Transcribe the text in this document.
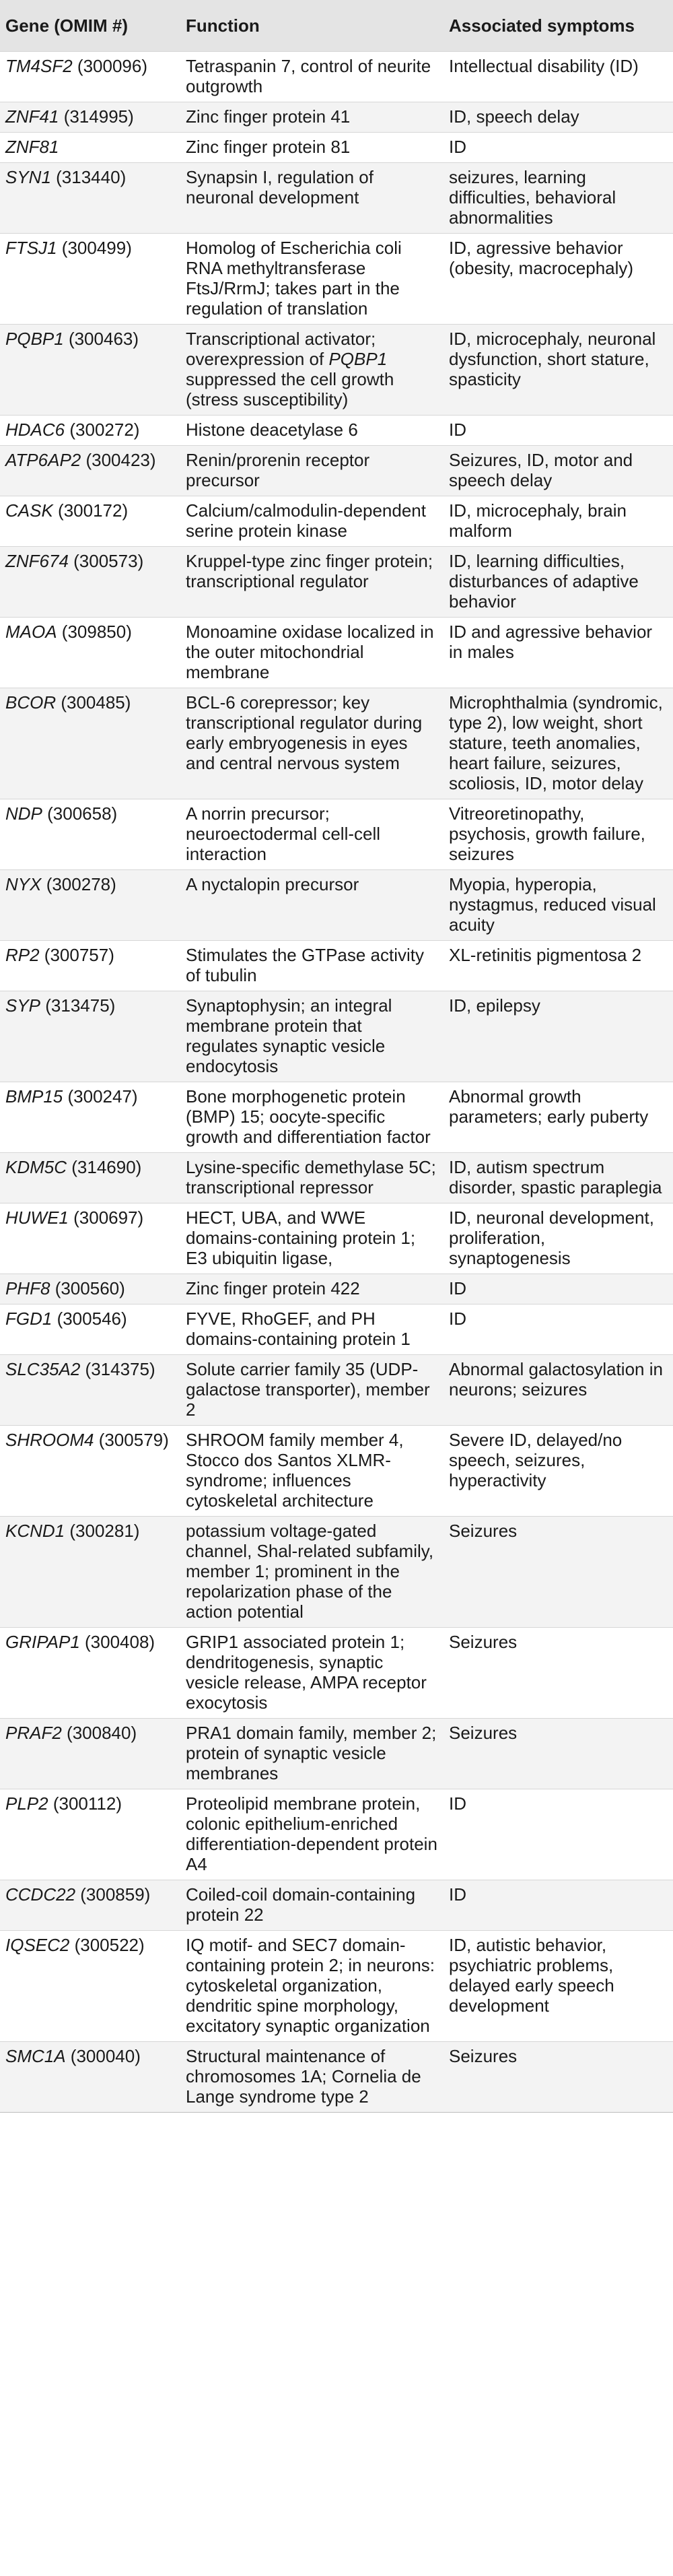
Gene (OMIM #)	Function	Associated symptoms
TM4SF2 (300096)	Tetraspanin 7, control of neurite outgrowth	Intellectual disability (ID)
ZNF41 (314995)	Zinc finger protein 41	ID, speech delay
ZNF81	Zinc finger protein 81	ID
SYN1 (313440)	Synapsin I, regulation of neuronal development	seizures, learning difficulties, behavioral abnormalities
FTSJ1 (300499)	Homolog of Escherichia coli RNA methyltransferase FtsJ/RrmJ; takes part in the regulation of translation	ID, agressive behavior (obesity, macrocephaly)
PQBP1 (300463)	Transcriptional activator; overexpression of PQBP1 suppressed the cell growth (stress susceptibility)	ID, microcephaly, neuronal dysfunction, short stature, spasticity
HDAC6 (300272)	Histone deacetylase 6	ID
ATP6AP2 (300423)	Renin/prorenin receptor precursor	Seizures, ID, motor and speech delay
CASK (300172)	Calcium/calmodulin-dependent serine protein kinase	ID, microcephaly, brain malform
ZNF674 (300573)	Kruppel-type zinc finger protein; transcriptional regulator	ID, learning difficulties, disturbances of adaptive behavior
MAOA (309850)	Monoamine oxidase localized in the outer mitochondrial membrane	ID and agressive behavior in males
BCOR (300485)	BCL-6 corepressor; key transcriptional regulator during early embryogenesis in eyes and central nervous system	Microphthalmia (syndromic, type 2), low weight, short stature, teeth anomalies, heart failure, seizures, scoliosis, ID, motor delay
NDP (300658)	A norrin precursor; neuroectodermal cell-cell interaction	Vitreoretinopathy, psychosis, growth failure, seizures
NYX (300278)	A nyctalopin precursor	Myopia, hyperopia, nystagmus, reduced visual acuity
RP2 (300757)	Stimulates the GTPase activity of tubulin	XL-retinitis pigmentosa 2
SYP (313475)	Synaptophysin; an integral membrane protein that regulates synaptic vesicle endocytosis	ID, epilepsy
BMP15 (300247)	Bone morphogenetic protein (BMP) 15; oocyte-specific growth and differentiation factor	Abnormal growth parameters; early puberty
KDM5C (314690)	Lysine-specific demethylase 5C; transcriptional repressor	ID, autism spectrum disorder, spastic paraplegia
HUWE1 (300697)	HECT, UBA, and WWE domains-containing protein 1; E3 ubiquitin ligase,	ID, neuronal development, proliferation, synaptogenesis
PHF8 (300560)	Zinc finger protein 422	ID
FGD1 (300546)	FYVE, RhoGEF, and PH domains-containing protein 1	ID
SLC35A2 (314375)	Solute carrier family 35 (UDP-galactose transporter), member 2	Abnormal galactosylation in neurons; seizures
SHROOM4 (300579)	SHROOM family member 4, Stocco dos Santos XLMR-syndrome; influences cytoskeletal architecture	Severe ID, delayed/no speech, seizures, hyperactivity
KCND1 (300281)	potassium voltage-gated channel, Shal-related subfamily, member 1; prominent in the repolarization phase of the action potential	Seizures
GRIPAP1 (300408)	GRIP1 associated protein 1; dendritogenesis, synaptic vesicle release, AMPA receptor exocytosis	Seizures
PRAF2 (300840)	PRA1 domain family, member 2; protein of synaptic vesicle membranes	Seizures
PLP2 (300112)	Proteolipid membrane protein, colonic epithelium-enriched differentiation-dependent protein A4	ID
CCDC22 (300859)	Coiled-coil domain-containing protein 22	ID
IQSEC2 (300522)	IQ motif- and SEC7 domain-containing protein 2; in neurons: cytoskeletal organization, dendritic spine morphology, excitatory synaptic organization	ID, autistic behavior, psychiatric problems, delayed early speech development
SMC1A (300040)	Structural maintenance of chromosomes 1A; Cornelia de Lange syndrome type 2	Seizures
